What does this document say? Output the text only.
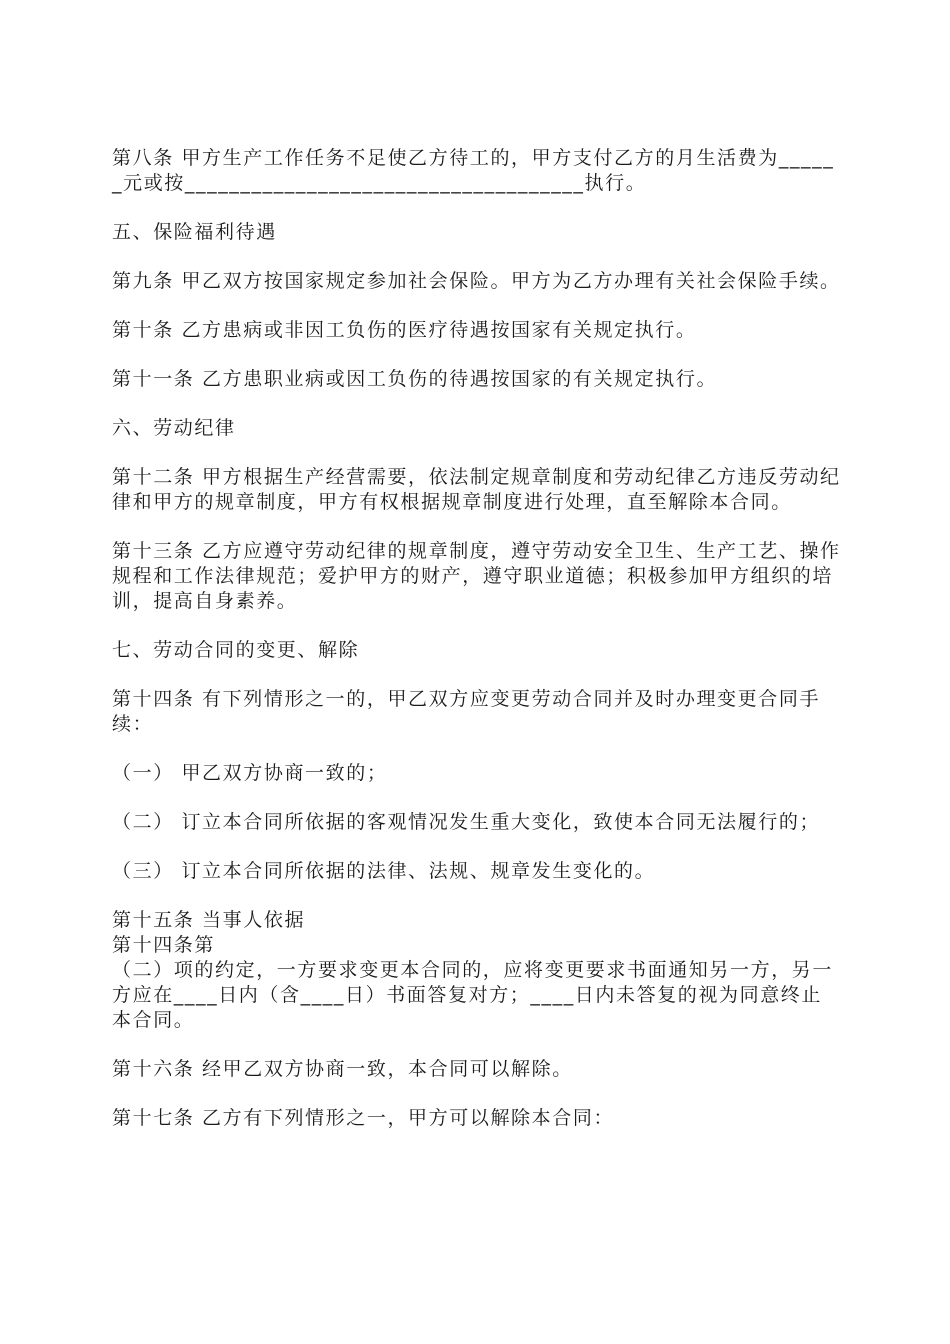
第八条 甲方生产工作任务不足使乙方待工的，甲方支付乙方的月生活费为______元或按____________________________________执行。

五、保险福利待遇

第九条 甲乙双方按国家规定参加社会保险。甲方为乙方办理有关社会保险手续。

第十条 乙方患病或非因工负伤的医疗待遇按国家有关规定执行。

第十一条 乙方患职业病或因工负伤的待遇按国家的有关规定执行。

六、劳动纪律

第十二条 甲方根据生产经营需要，依法制定规章制度和劳动纪律乙方违反劳动纪律和甲方的规章制度，甲方有权根据规章制度进行处理，直至解除本合同。

第十三条 乙方应遵守劳动纪律的规章制度，遵守劳动安全卫生、生产工艺、操作规程和工作法律规范；爱护甲方的财产，遵守职业道德；积极参加甲方组织的培训，提高自身素养。

七、劳动合同的变更、解除

第十四条 有下列情形之一的，甲乙双方应变更劳动合同并及时办理变更合同手续：

（一） 甲乙双方协商一致的；

（二） 订立本合同所依据的客观情况发生重大变化，致使本合同无法履行的；

（三） 订立本合同所依据的法律、法规、规章发生变化的。

第十五条 当事人依据

第十四条第

（二）项的约定，一方要求变更本合同的，应将变更要求书面通知另一方，另一方应在____日内（含____日）书面答复对方；____日内未答复的视为同意终止本合同。

第十六条 经甲乙双方协商一致，本合同可以解除。

第十七条 乙方有下列情形之一，甲方可以解除本合同：
